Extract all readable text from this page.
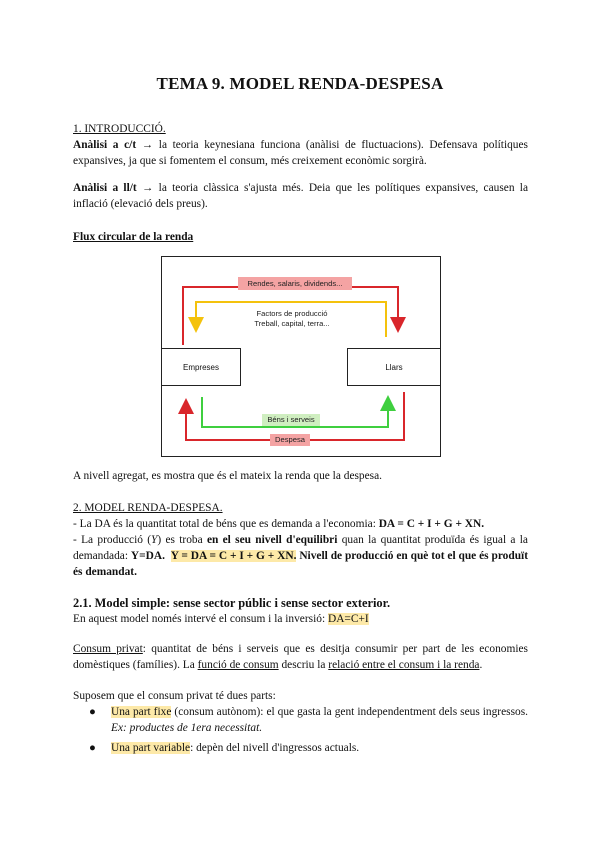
TEMA 9. MODEL RENDA-DESPESA
1. INTRODUCCIÓ.
Anàlisi a c/t → la teoria keynesiana funciona (anàlisi de fluctuacions). Defensava polítiques expansives, ja que si fomentem el consum, més creixement econòmic sorgirà.
Anàlisi a ll/t → la teoria clàssica s'ajusta més. Deia que les polítiques expansives, causen la inflació (elevació dels preus).
Flux circular de la renda
Rendes, salaris, dividends...
Factors de producció
Treball, capital, terra...
Empreses	Llars
Béns i serveis
Despesa
A nivell agregat, es mostra que és el mateix la renda que la despesa.
2. MODEL RENDA-DESPESA.
- La DA és la quantitat total de béns que es demanda a l'economia: DA = C + I + G + XN.
- La producció (Y) es troba en el seu nivell d'equilibri quan la quantitat produïda és igual a la demandada: Y=DA. Y = DA = C + I + G + XN. Nivell de producció en què tot el que és produït és demandat.
2.1. Model simple: sense sector públic i sense sector exterior.
En aquest model només intervé el consum i la inversió: DA=C+I
Consum privat: quantitat de béns i serveis que es desitja consumir per part de les economies domèstiques (famílies). La funció de consum descriu la relació entre el consum i la renda.
Suposem que el consum privat té dues parts:
● Una part fixe (consum autònom): el que gasta la gent independentment dels seus ingressos. Ex: productes de 1era necessitat.
● Una part variable: depèn del nivell d'ingressos actuals.
